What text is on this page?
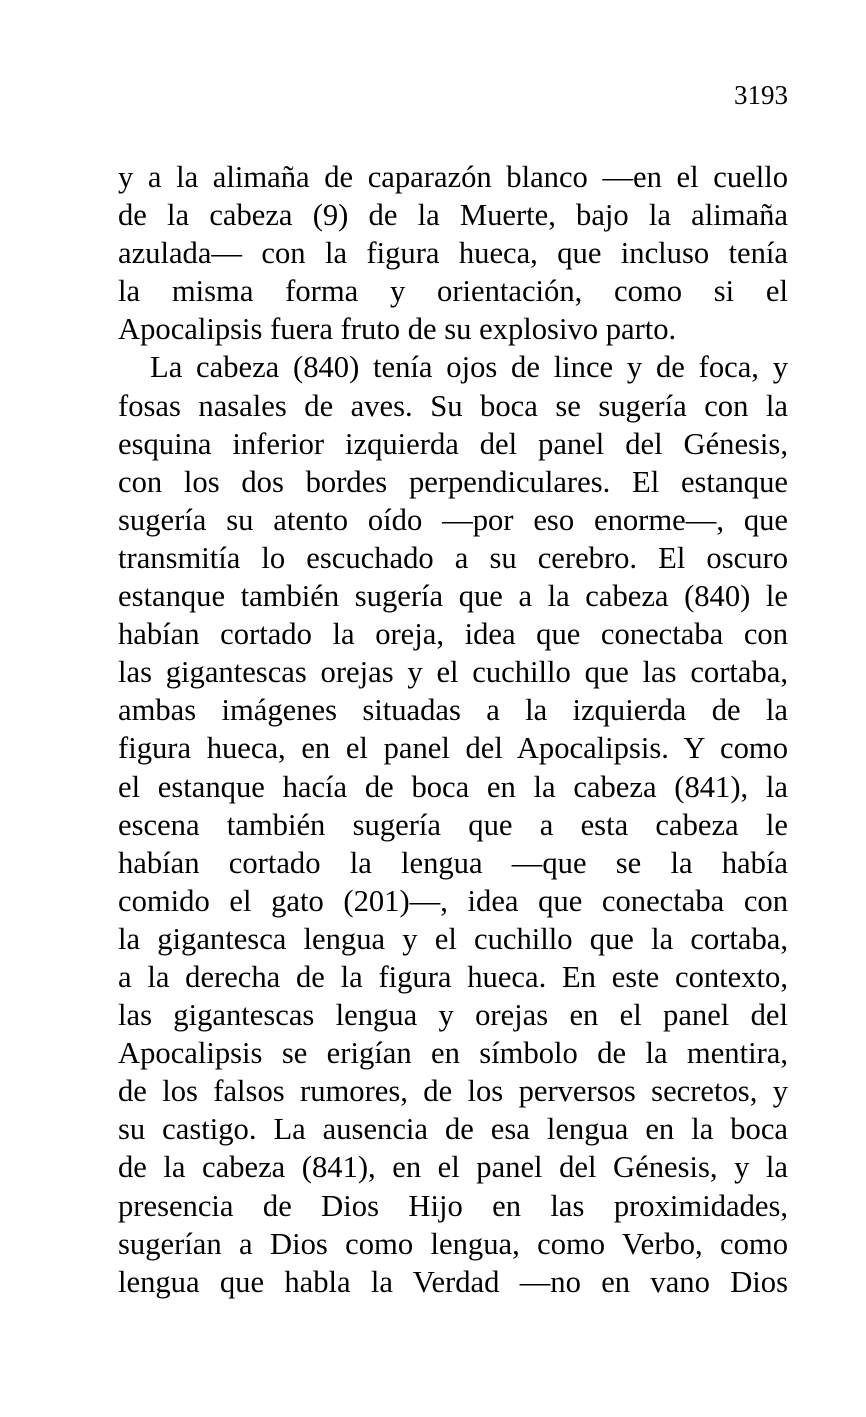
3193
y a la alimaña de caparazón blanco —en el cuello
de la cabeza (9) de la Muerte, bajo la alimaña
azulada— con la figura hueca, que incluso tenía
la misma forma y orientación, como si el
Apocalipsis fuera fruto de su explosivo parto.
La cabeza (840) tenía ojos de lince y de foca, y
fosas nasales de aves. Su boca se sugería con la
esquina inferior izquierda del panel del Génesis,
con los dos bordes perpendiculares. El estanque
sugería su atento oído —por eso enorme—, que
transmitía lo escuchado a su cerebro. El oscuro
estanque también sugería que a la cabeza (840) le
habían cortado la oreja, idea que conectaba con
las gigantescas orejas y el cuchillo que las cortaba,
ambas imágenes situadas a la izquierda de la
figura hueca, en el panel del Apocalipsis. Y como
el estanque hacía de boca en la cabeza (841), la
escena también sugería que a esta cabeza le
habían cortado la lengua —que se la había
comido el gato (201)—, idea que conectaba con
la gigantesca lengua y el cuchillo que la cortaba,
a la derecha de la figura hueca. En este contexto,
las gigantescas lengua y orejas en el panel del
Apocalipsis se erigían en símbolo de la mentira,
de los falsos rumores, de los perversos secretos, y
su castigo. La ausencia de esa lengua en la boca
de la cabeza (841), en el panel del Génesis, y la
presencia de Dios Hijo en las proximidades,
sugerían a Dios como lengua, como Verbo, como
lengua que habla la Verdad —no en vano Dios
